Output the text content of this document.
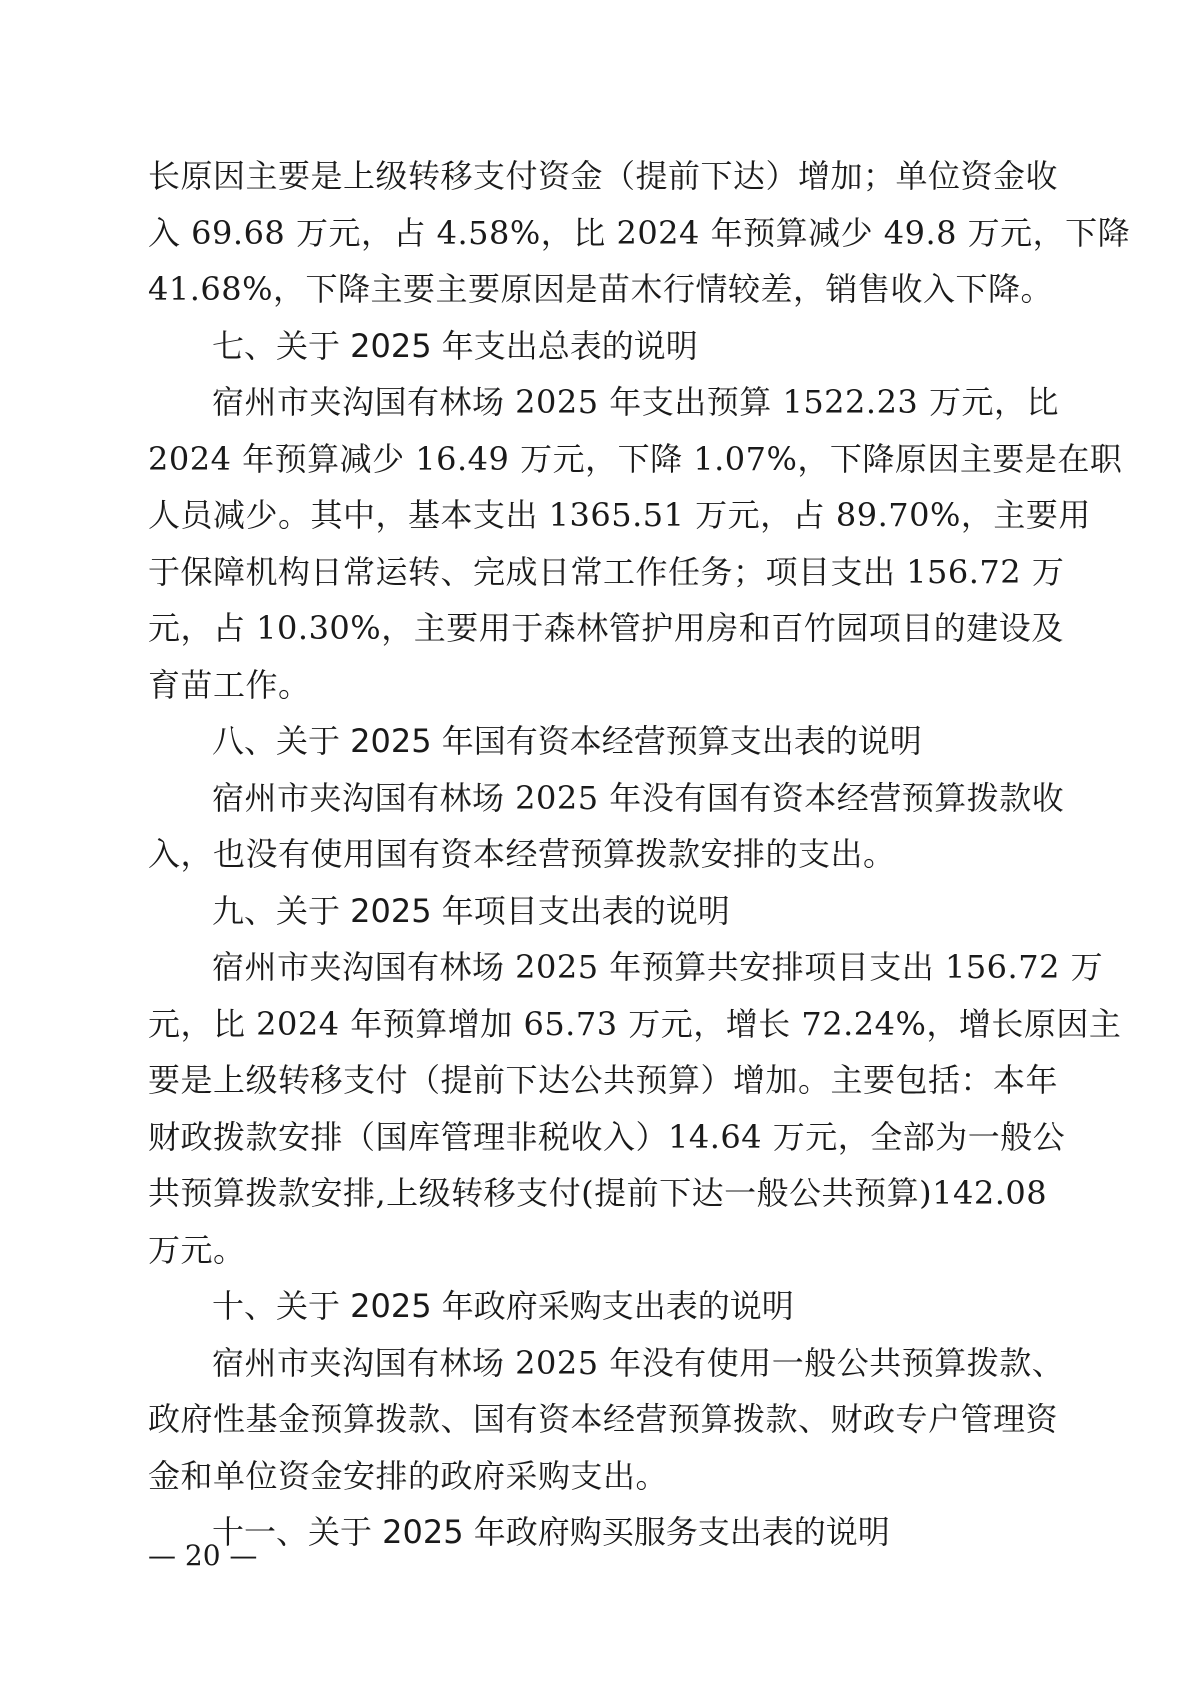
长原因主要是上级转移支付资金（提前下达）增加；单位资金收
入 69.68 万元，占 4.58%，比 2024 年预算减少 49.8 万元，下降
41.68%，下降主要主要原因是苗木行情较差，销售收入下降。
七、关于 2025 年支出总表的说明
宿州市夹沟国有林场 2025 年支出预算 1522.23 万元，比
2024 年预算减少 16.49 万元，下降 1.07%，下降原因主要是在职
人员减少。其中，基本支出 1365.51 万元，占 89.70%，主要用
于保障机构日常运转、完成日常工作任务；项目支出 156.72 万
元，占 10.30%，主要用于森林管护用房和百竹园项目的建设及
育苗工作。
八、关于 2025 年国有资本经营预算支出表的说明
宿州市夹沟国有林场 2025 年没有国有资本经营预算拨款收
入，也没有使用国有资本经营预算拨款安排的支出。
九、关于 2025 年项目支出表的说明
宿州市夹沟国有林场 2025 年预算共安排项目支出 156.72 万
元，比 2024 年预算增加 65.73 万元，增长 72.24%，增长原因主
要是上级转移支付（提前下达公共预算）增加。主要包括：本年
财政拨款安排（国库管理非税收入）14.64 万元，全部为一般公
共预算拨款安排,上级转移支付(提前下达一般公共预算)142.08
万元。
十、关于 2025 年政府采购支出表的说明
宿州市夹沟国有林场 2025 年没有使用一般公共预算拨款、
政府性基金预算拨款、国有资本经营预算拨款、财政专户管理资
金和单位资金安排的政府采购支出。
十一、关于 2025 年政府购买服务支出表的说明
— 20 —
